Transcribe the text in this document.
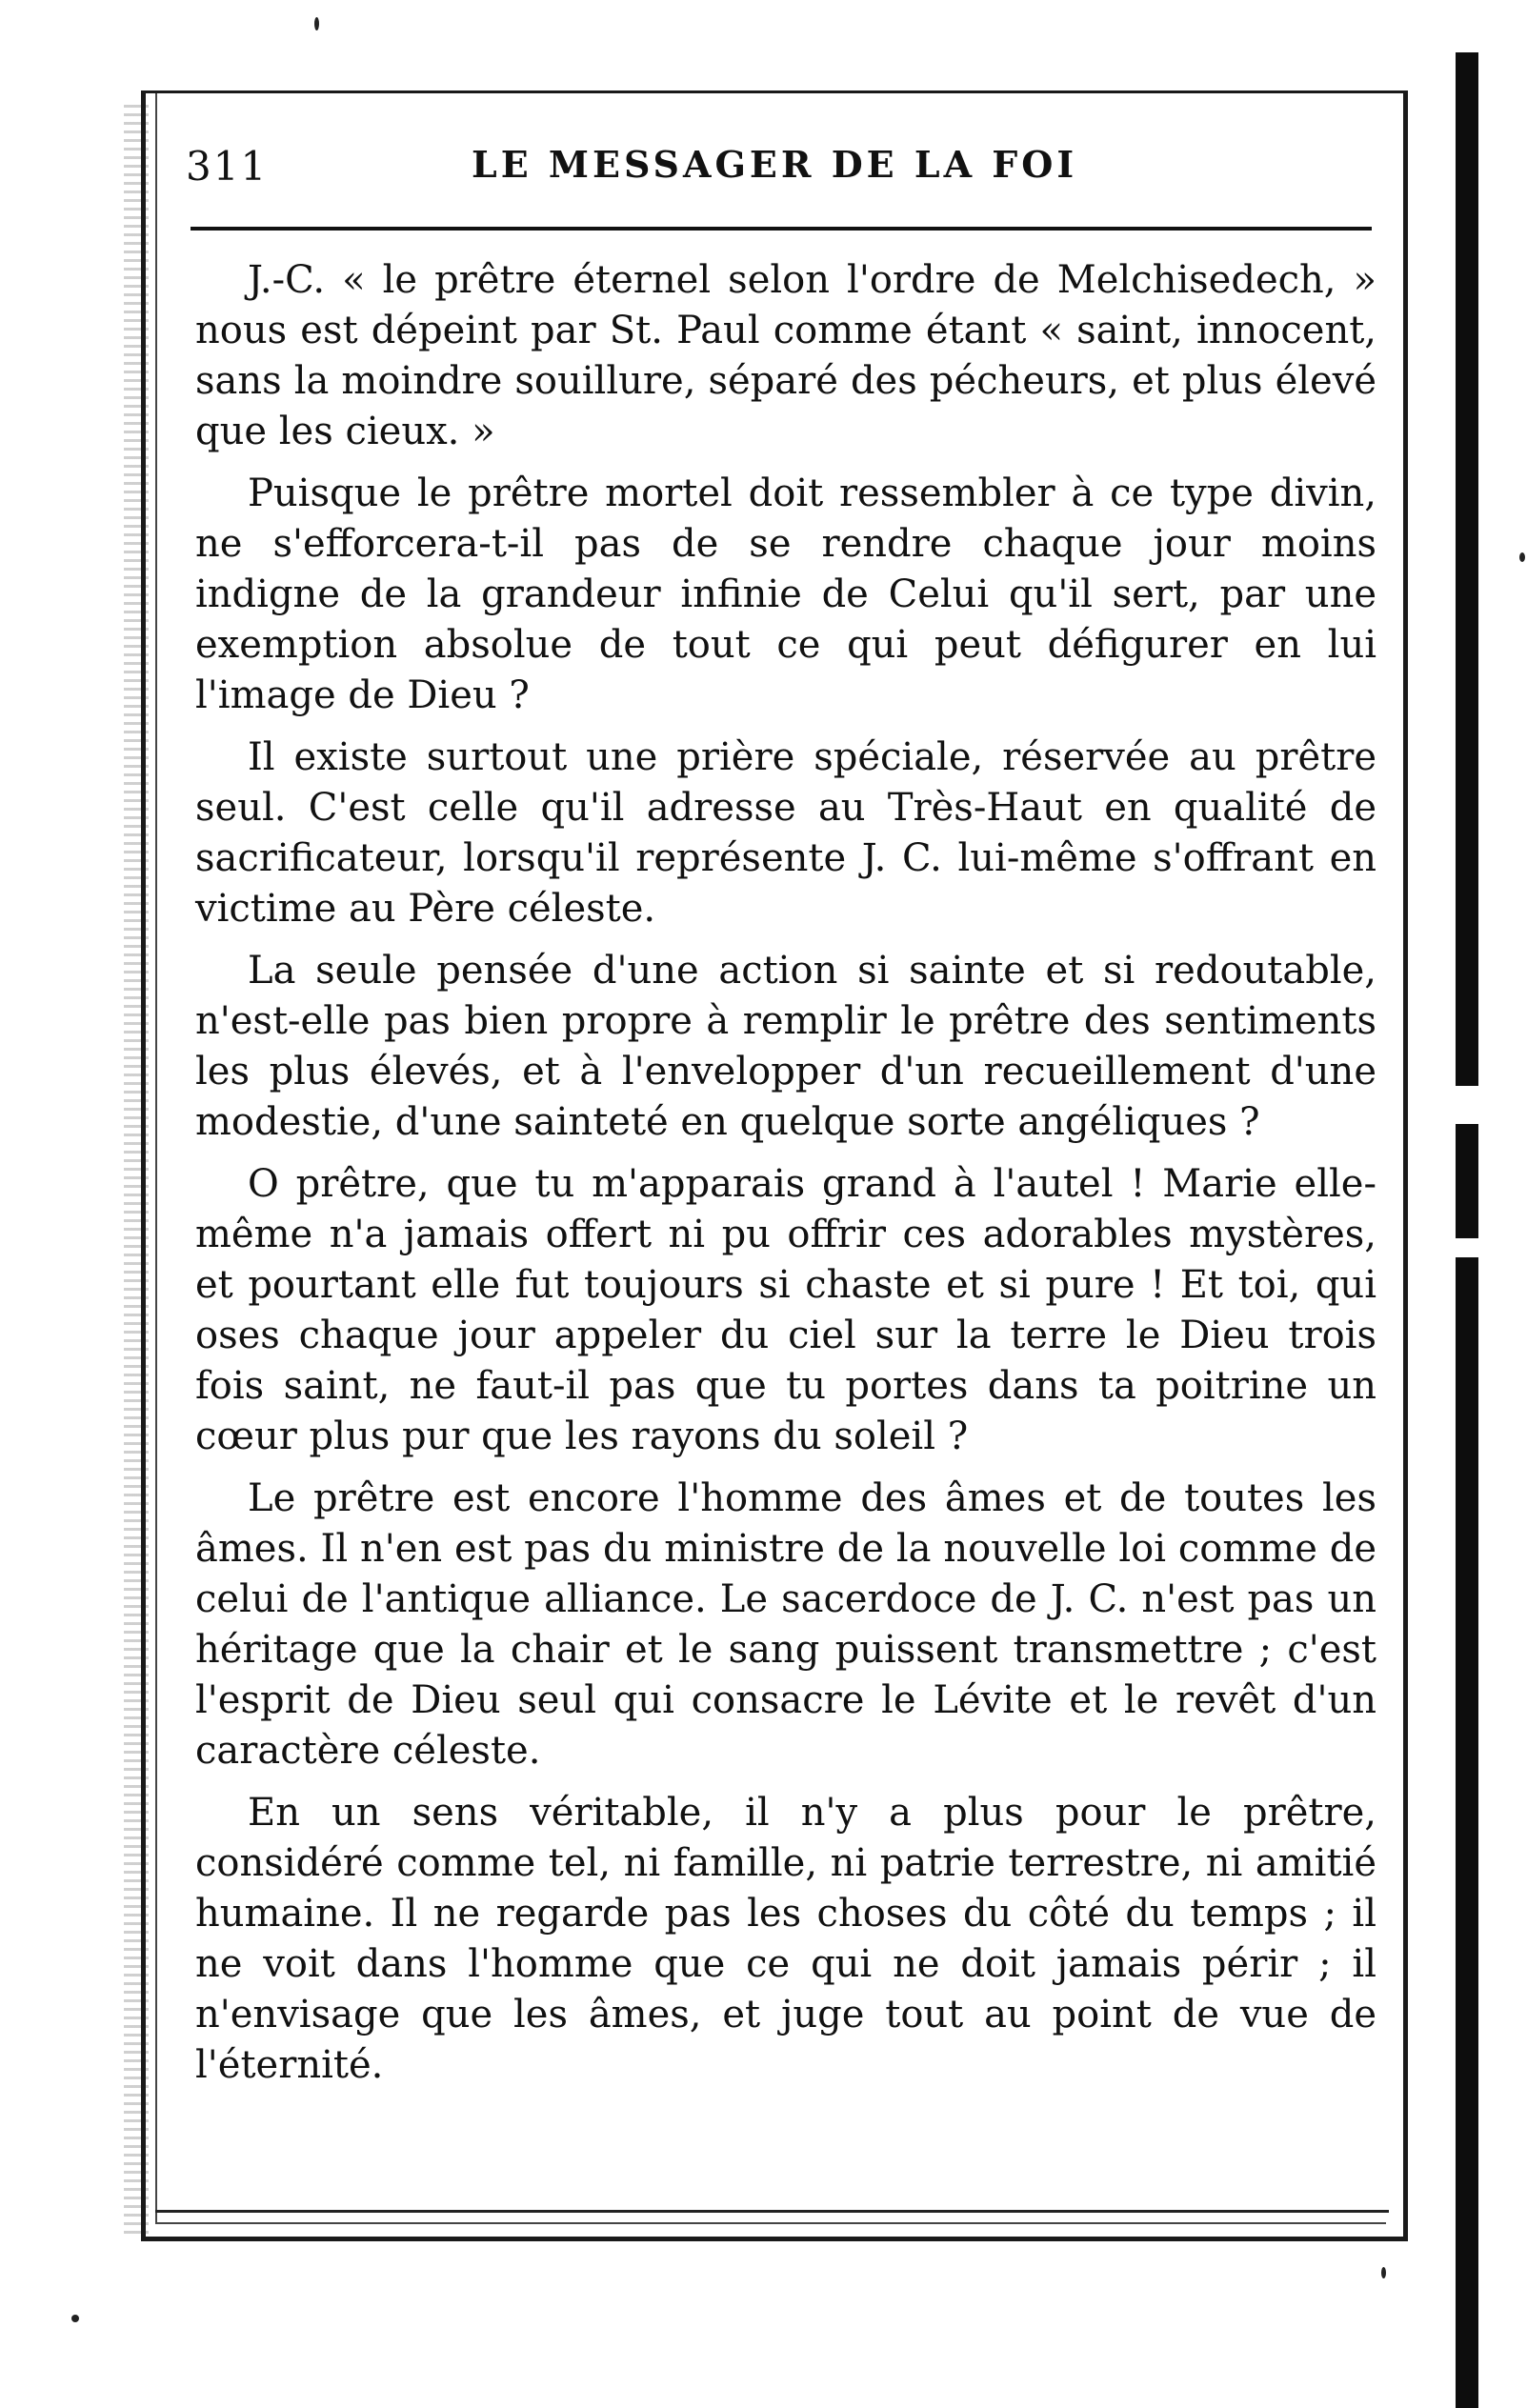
311	LE MESSAGER DE LA FOI

J.-C. « le prêtre éternel selon l'ordre de Melchisedech, » nous est dépeint par St. Paul comme étant « saint, innocent, sans la moindre souillure, séparé des pécheurs, et plus élevé que les cieux. »

Puisque le prêtre mortel doit ressembler à ce type divin, ne s'efforcera-t-il pas de se rendre chaque jour moins indigne de la grandeur infinie de Celui qu'il sert, par une exemption absolue de tout ce qui peut défigurer en lui l'image de Dieu ?

Il existe surtout une prière spéciale, réservée au prêtre seul. C'est celle qu'il adresse au Très-Haut en qualité de sacrificateur, lorsqu'il représente J. C. lui-même s'offrant en victime au Père céleste.

La seule pensée d'une action si sainte et si redoutable, n'est-elle pas bien propre à remplir le prêtre des sentiments les plus élevés, et à l'envelopper d'un recueillement d'une modestie, d'une sainteté en quelque sorte angéliques ?

O prêtre, que tu m'apparais grand à l'autel ! Marie elle-même n'a jamais offert ni pu offrir ces adorables mystères, et pourtant elle fut toujours si chaste et si pure ! Et toi, qui oses chaque jour appeler du ciel sur la terre le Dieu trois fois saint, ne faut-il pas que tu portes dans ta poitrine un cœur plus pur que les rayons du soleil ?

Le prêtre est encore l'homme des âmes et de toutes les âmes. Il n'en est pas du ministre de la nouvelle loi comme de celui de l'antique alliance. Le sacerdoce de J. C. n'est pas un héritage que la chair et le sang puissent transmettre ; c'est l'esprit de Dieu seul qui consacre le Lévite et le revêt d'un caractère céleste.

En un sens véritable, il n'y a plus pour le prêtre, considéré comme tel, ni famille, ni patrie terrestre, ni amitié humaine. Il ne regarde pas les choses du côté du temps ; il ne voit dans l'homme que ce qui ne doit jamais périr ; il n'envisage que les âmes, et juge tout au point de vue de l'éternité.
